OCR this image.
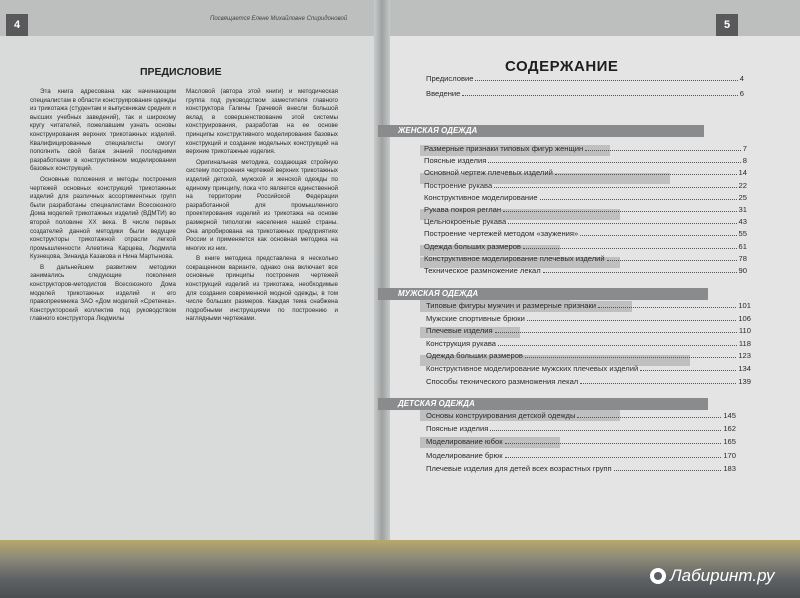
4	5
Посвящается Елене Михайловне Спиридоновой
ПРЕДИСЛОВИЕ

Эта книга адресована как начинающим специалистам в области конструирования одежды из трикотажа (студентам и выпускникам средних и высших учебных заведений), так и широкому кругу читателей, пожелавшим узнать основы конструирования верхних трикотажных изделий. Квалифицированные специалисты смогут пополнить свой багаж знаний последними разработками в конструктивном моделировании базовых конструкций.

Основные положения и методы построения чертежей основных конструкций трикотажных изделий для различных ассортиментных групп были разработаны специалистами Всесоюзного Дома моделей трикотажных изделий (ВДМТИ) во второй половине XX века. В числе первых создателей данной методики были ведущие конструкторы трикотажной отрасли легкой промышленности Алевтина Карцева, Людмила Кузнецова, Зинаида Казакова и Нина Мартынова.

В дальнейшем развитием методики занимались следующие поколения конструкторов-методистов Всесоюзного Дома моделей трикотажных изделий и его правопреемника ЗАО «Дом моделей «Сретенка». Конструкторский коллектив под руководством главного конструктора Людмилы

Масловой (автора этой книги) и методическая группа под руководством заместителя главного конструктора Галины Грачевой внесли большой вклад в совершенствование этой системы конструирования, разработав на ее основе принципы конструктивного моделирования базовых конструкций и создание модельных конструкций на верхние трикотажные изделия.

Оригинальная методика, создающая стройную систему построения чертежей верхних трикотажных изделий детской, мужской и женской одежды по единому принципу, пока что является единственной на территории Российской Федерации разработанной для промышленного проектирования изделий из трикотажа на основе размерной типологии населения нашей страны. Она апробирована на трикотажных предприятиях России и применяется как основная методика на многих из них.

В книге методика представлена в несколько сокращенном варианте, однако она включает все основные принципы построения чертежей конструкций изделий из трикотажа, необходимые для создания современной модной одежды, в том числе больших размеров. Каждая тема снабжена подробными инструкциями по построению и наглядными чертежами.

СОДЕРЖАНИЕ
Предисловие	4
Введение	6
ЖЕНСКАЯ ОДЕЖДА
МУЖСКАЯ ОДЕЖДА
ДЕТСКАЯ ОДЕЖДА
Размерные признаки типовых фигур женщин	7
Поясные изделия	8
Основной чертеж плечевых изделий	14
Построение рукава	22
Конструктивное моделирование	25
Рукава покроя реглан	31
Цельнокроеные рукава	43
Построение чертежей методом «заужения»	55
Одежда больших размеров	61
Конструктивное моделирование плечевых изделий	78
Техническое размножение лекал	90
Типовые фигуры мужчин и размерные признаки	101
Мужские спортивные брюки	106
Плечевые изделия	110
Конструкция рукава	118
Одежда больших размеров	123
Конструктивное моделирование мужских плечевых изделий	134
Способы технического размножения лекал	139
Основы конструирования детской одежды	145
Поясные изделия	162
Моделирование юбок	165
Моделирование брюк	170
Плечевые изделия для детей всех возрастных групп	183
Лабиринт.ру
